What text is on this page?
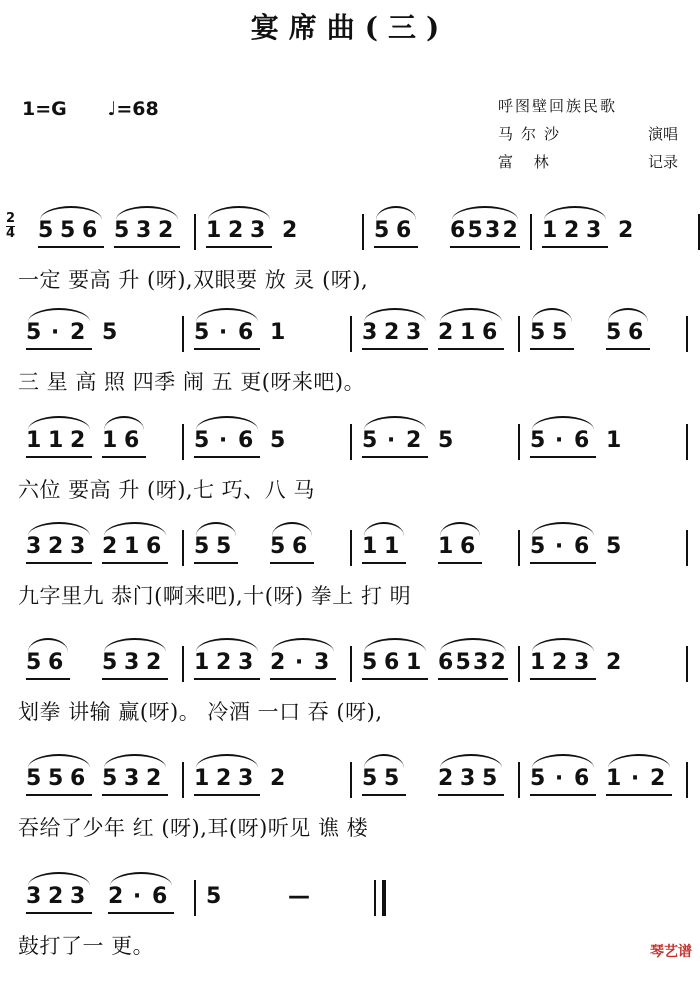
宴席曲(三)
1=G ♩=68	呼图壁回族民歌
马尔沙	演唱
富 林	记录
2
4 5 5 6 5 3 2 1 2 3 2	5 6 6 5 3 2 1 2 3 2
一定 要高 升 (呀),双眼要 放 灵 (呀),
5 · 2 5	5 · 6 1	3 2 3 2 1 6 5 5 5 6
三 星 高 照 四季 闹 五 更(呀来吧)。
1 1 2 1 6 5 · 6 5	5 · 2 5	5 · 6 1
六位 要高 升 (呀),七 巧、八 马
3 2 3 2 1 6 5 5 5 6 1 1 1 6 5 · 6 5
九字里九 恭门(啊来吧),十(呀) 拳上 打 明
5 6 5 3 2 1 2 3 2 · 3 5 6 1 6 5 3 2 1 2 3 2
划拳 讲输 赢(呀)。 冷酒 一口 吞 (呀),
5 5 6 5 3 2 1 2 3 2	5 5 2 3 5 5 · 6 1 · 2
吞给了少年 红 (呀),耳(呀)听见 谯 楼
3 2 3 2 · 6 5	—
鼓打了一 更。	琴艺谱
